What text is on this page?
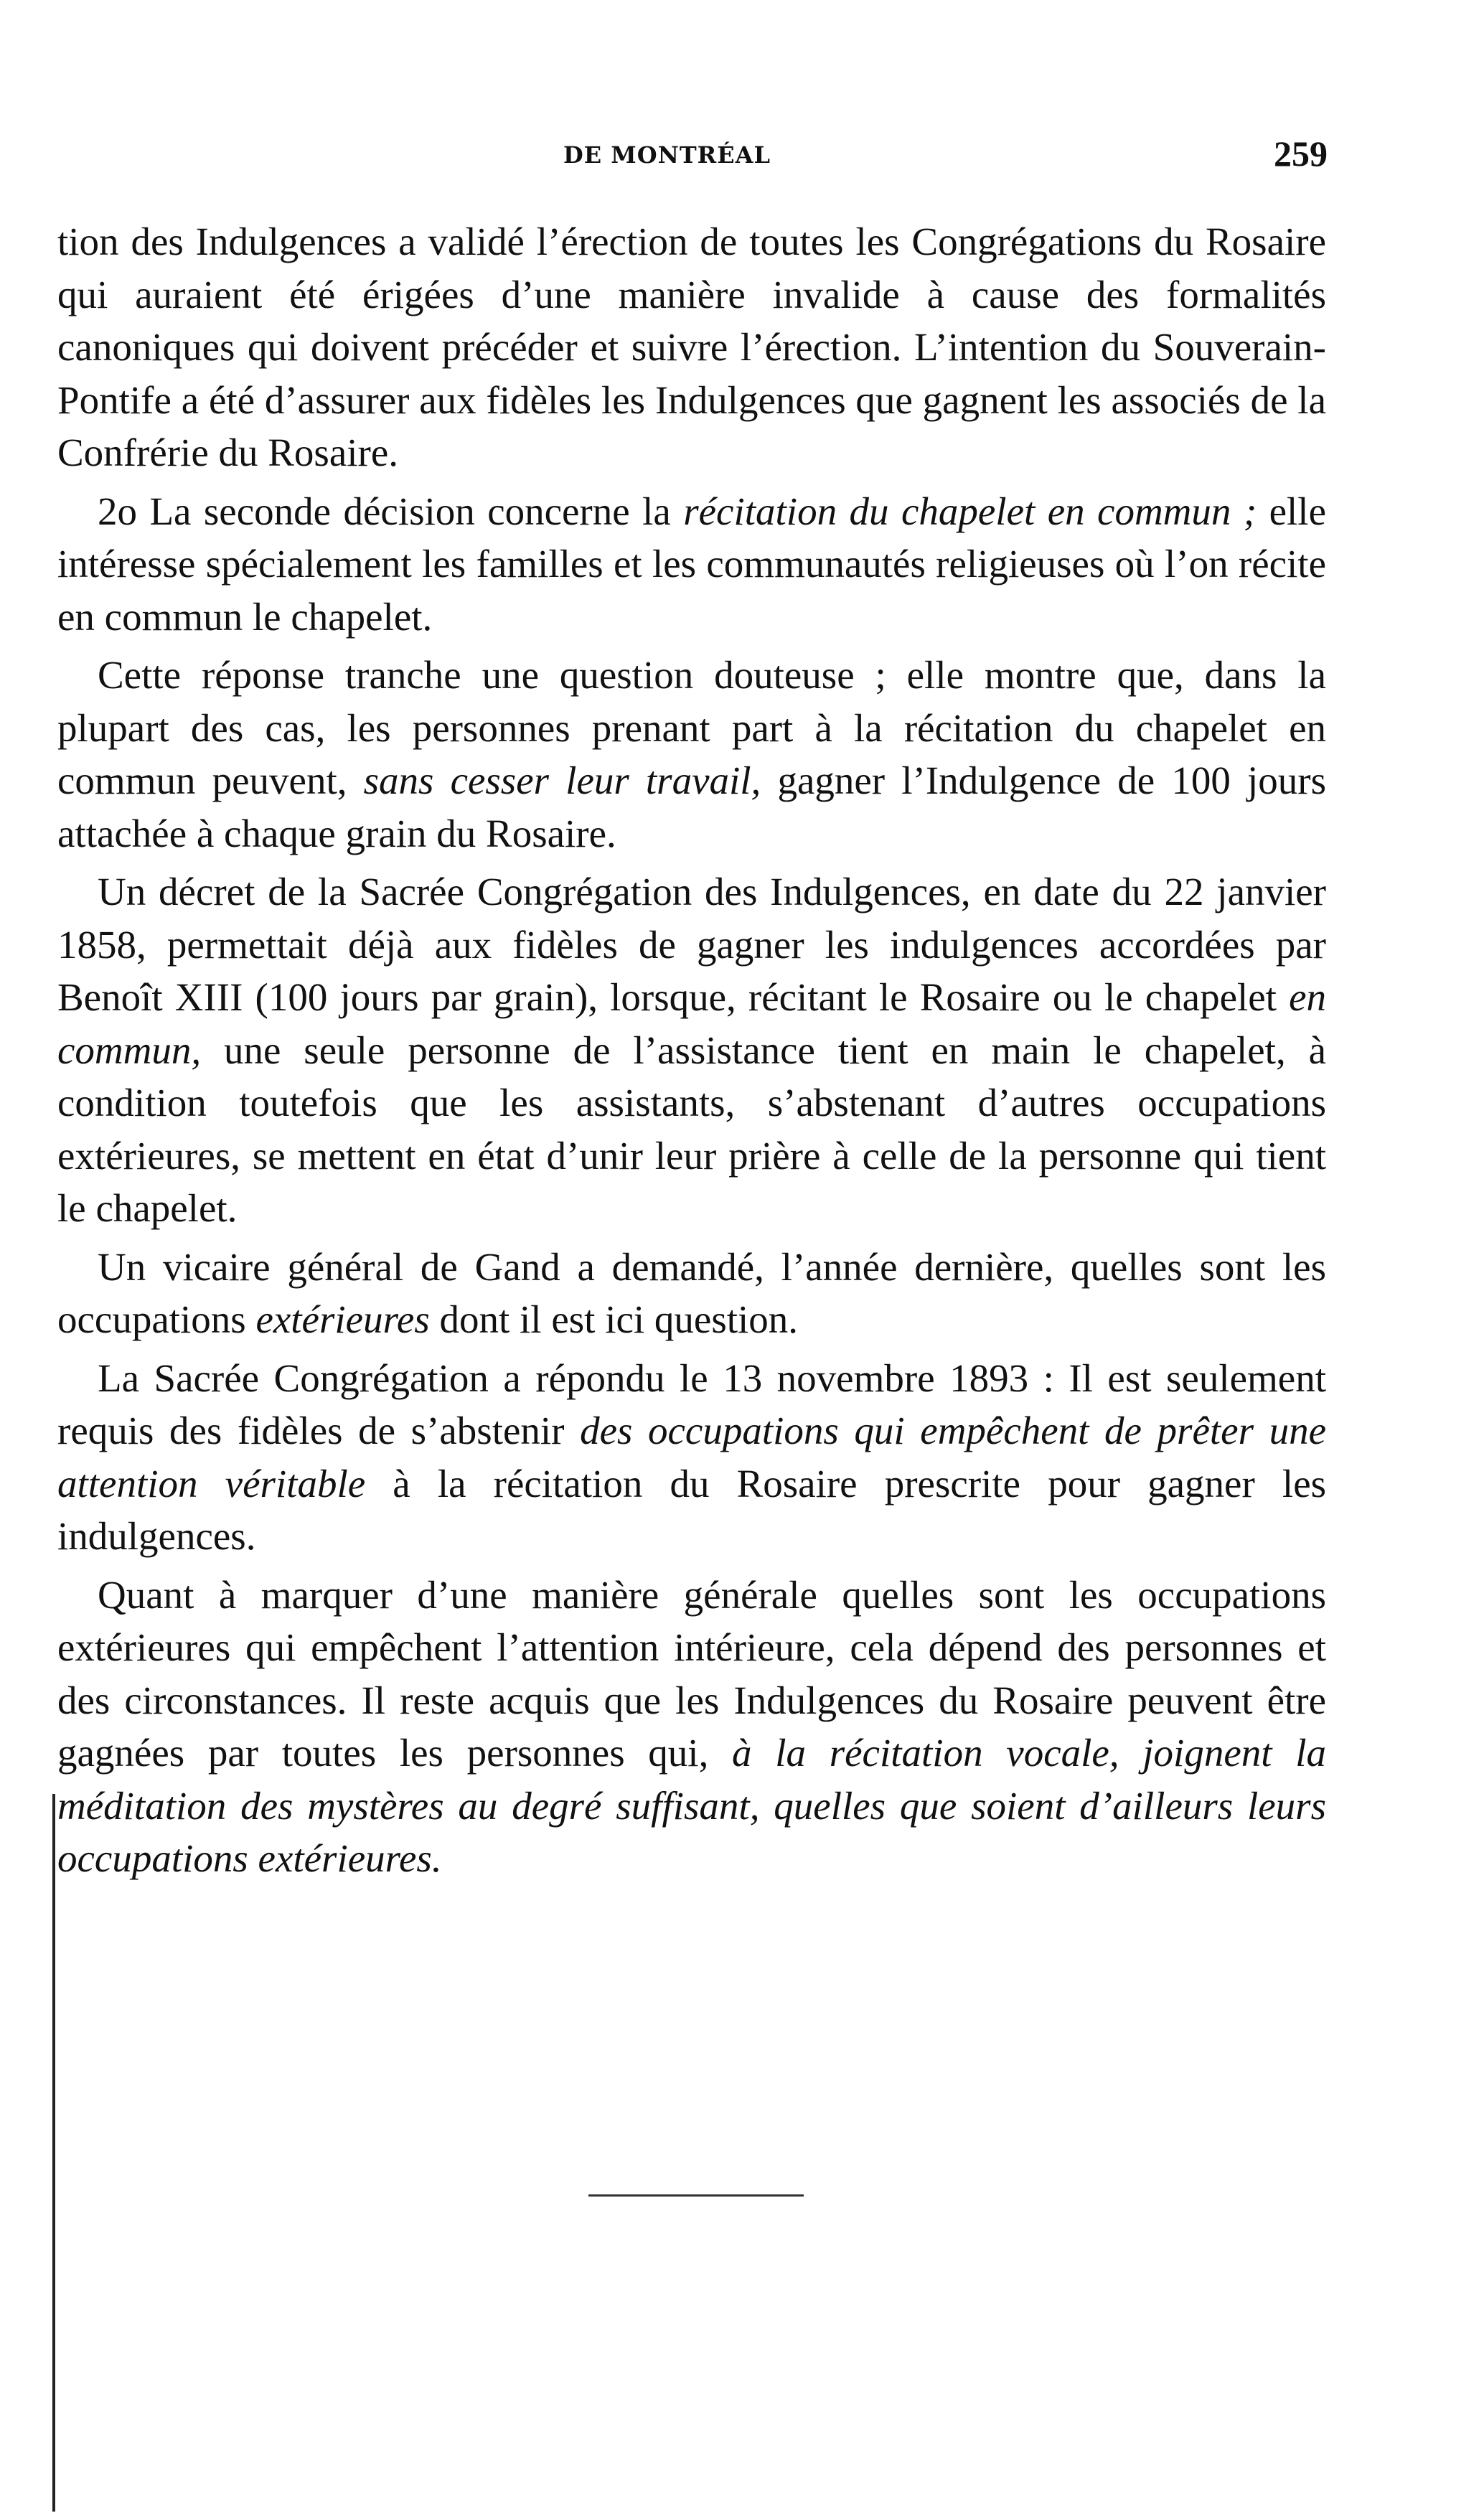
DE MONTRÉAL	259

tion des Indulgences a validé l’érection de toutes les Congrégations du Rosaire qui auraient été érigées d’une manière invalide à cause des formalités canoniques qui doivent précéder et suivre l’érection. L’intention du Souverain-Pontife a été d’assurer aux fidèles les Indulgences que gagnent les associés de la Confrérie du Rosaire.

2o La seconde décision concerne la récitation du chapelet en commun ; elle intéresse spécialement les familles et les communautés religieuses où l’on récite en commun le chapelet.

Cette réponse tranche une question douteuse ; elle montre que, dans la plupart des cas, les personnes prenant part à la récitation du chapelet en commun peuvent, sans cesser leur travail, gagner l’Indulgence de 100 jours attachée à chaque grain du Rosaire.

Un décret de la Sacrée Congrégation des Indulgences, en date du 22 janvier 1858, permettait déjà aux fidèles de gagner les indulgences accordées par Benoît XIII (100 jours par grain), lorsque, récitant le Rosaire ou le chapelet en commun, une seule personne de l’assistance tient en main le chapelet, à condition toutefois que les assistants, s’abstenant d’autres occupations extérieures, se mettent en état d’unir leur prière à celle de la personne qui tient le chapelet.

Un vicaire général de Gand a demandé, l’année dernière, quelles sont les occupations extérieures dont il est ici question.

La Sacrée Congrégation a répondu le 13 novembre 1893 : Il est seulement requis des fidèles de s’abstenir des occupations qui empêchent de prêter une attention véritable à la récitation du Rosaire prescrite pour gagner les indulgences.

Quant à marquer d’une manière générale quelles sont les occupations extérieures qui empêchent l’attention intérieure, cela dépend des personnes et des circonstances. Il reste acquis que les Indulgences du Rosaire peuvent être gagnées par toutes les personnes qui, à la récitation vocale, joignent la méditation des mystères au degré suffisant, quelles que soient d’ailleurs leurs occupations extérieures.
